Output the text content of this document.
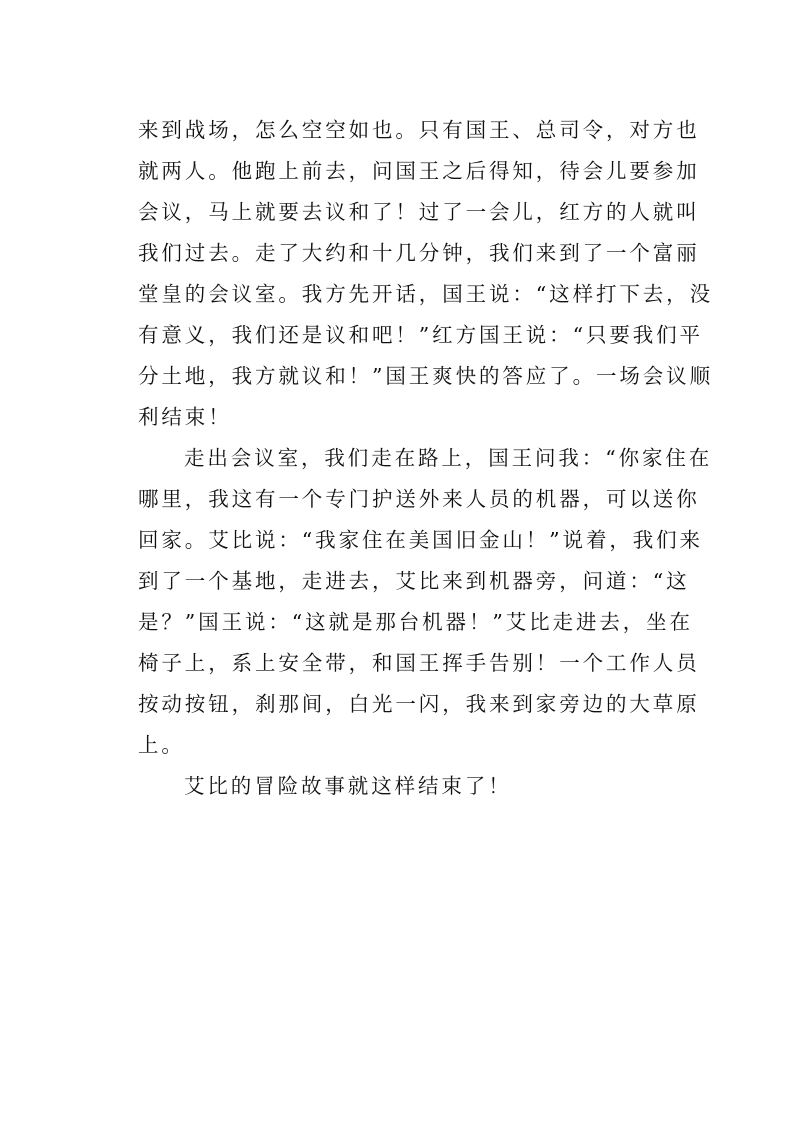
来到战场，怎么空空如也。只有国王、总司令，对方也
就两人。他跑上前去，问国王之后得知，待会儿要参加
会议，马上就要去议和了！过了一会儿，红方的人就叫
我们过去。走了大约和十几分钟，我们来到了一个富丽
堂皇的会议室。我方先开话，国王说：“这样打下去，没
有意义，我们还是议和吧！”红方国王说：“只要我们平
分土地，我方就议和！”国王爽快的答应了。一场会议顺
利结束！
走出会议室，我们走在路上，国王问我：“你家住在
哪里，我这有一个专门护送外来人员的机器，可以送你
回家。艾比说：“我家住在美国旧金山！”说着，我们来
到了一个基地，走进去，艾比来到机器旁，问道：“这
是？”国王说：“这就是那台机器！”艾比走进去，坐在
椅子上，系上安全带，和国王挥手告别！一个工作人员
按动按钮，刹那间，白光一闪，我来到家旁边的大草原
上。
艾比的冒险故事就这样结束了！
